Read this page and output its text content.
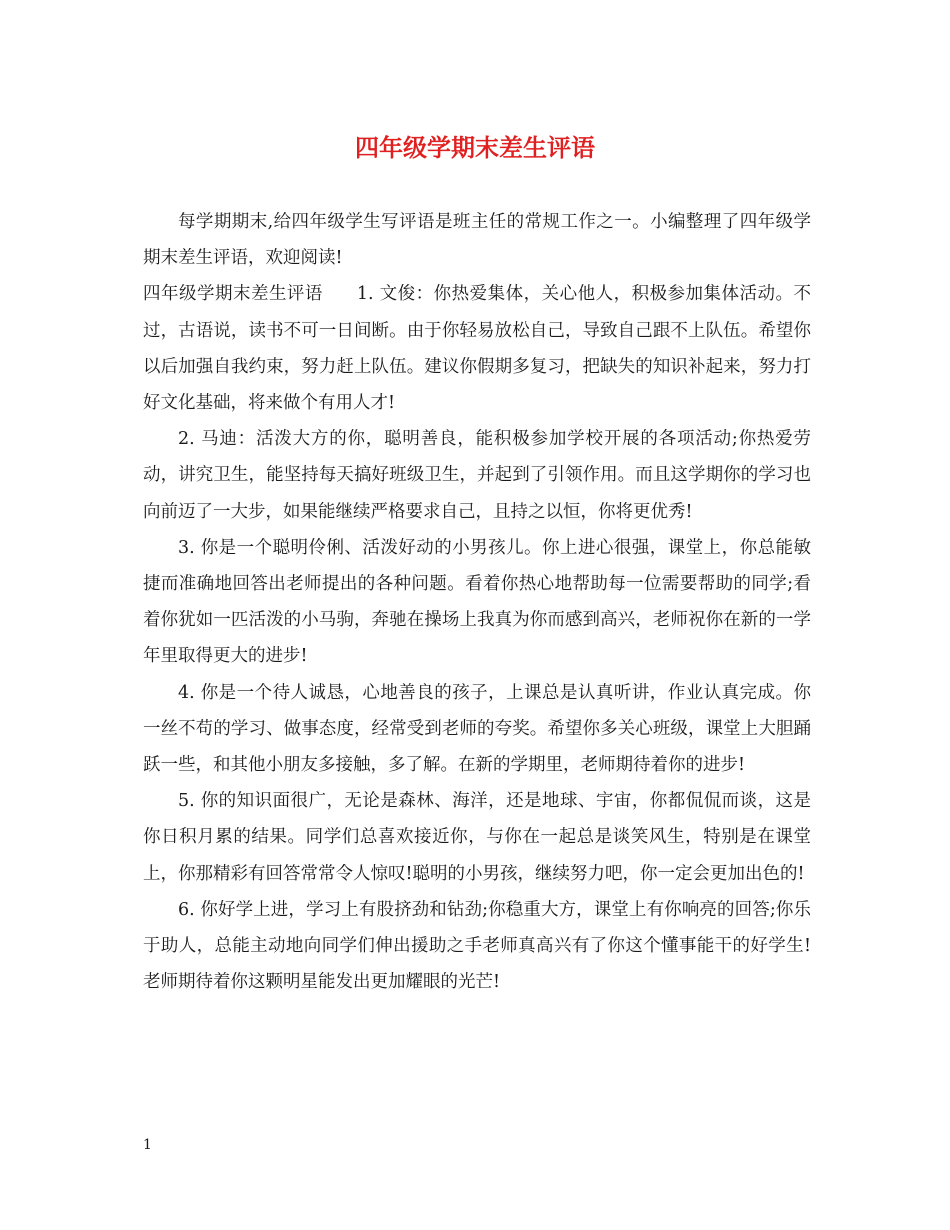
四年级学期末差生评语

每学期期末,给四年级学生写评语是班主任的常规工作之一。小编整理了四年级学期末差生评语，欢迎阅读!

四年级学期末差生评语 1. 文俊：你热爱集体，关心他人，积极参加集体活动。不过，古语说，读书不可一日间断。由于你轻易放松自己，导致自己跟不上队伍。希望你以后加强自我约束，努力赶上队伍。建议你假期多复习，把缺失的知识补起来，努力打好文化基础，将来做个有用人才!

2. 马迪：活泼大方的你，聪明善良，能积极参加学校开展的各项活动;你热爱劳动，讲究卫生，能坚持每天搞好班级卫生，并起到了引领作用。而且这学期你的学习也向前迈了一大步，如果能继续严格要求自己，且持之以恒，你将更优秀!

3. 你是一个聪明伶俐、活泼好动的小男孩儿。你上进心很强，课堂上，你总能敏捷而准确地回答出老师提出的各种问题。看着你热心地帮助每一位需要帮助的同学;看着你犹如一匹活泼的小马驹，奔驰在操场上我真为你而感到高兴，老师祝你在新的一学年里取得更大的进步!

4. 你是一个待人诚恳，心地善良的孩子，上课总是认真听讲，作业认真完成。你一丝不苟的学习、做事态度，经常受到老师的夸奖。希望你多关心班级，课堂上大胆踊跃一些，和其他小朋友多接触，多了解。在新的学期里，老师期待着你的进步!

5. 你的知识面很广，无论是森林、海洋，还是地球、宇宙，你都侃侃而谈，这是你日积月累的结果。同学们总喜欢接近你，与你在一起总是谈笑风生，特别是在课堂上，你那精彩有回答常常令人惊叹!聪明的小男孩，继续努力吧，你一定会更加出色的!

6. 你好学上进，学习上有股挤劲和钻劲;你稳重大方，课堂上有你响亮的回答;你乐于助人，总能主动地向同学们伸出援助之手老师真高兴有了你这个懂事能干的好学生!老师期待着你这颗明星能发出更加耀眼的光芒!

1
